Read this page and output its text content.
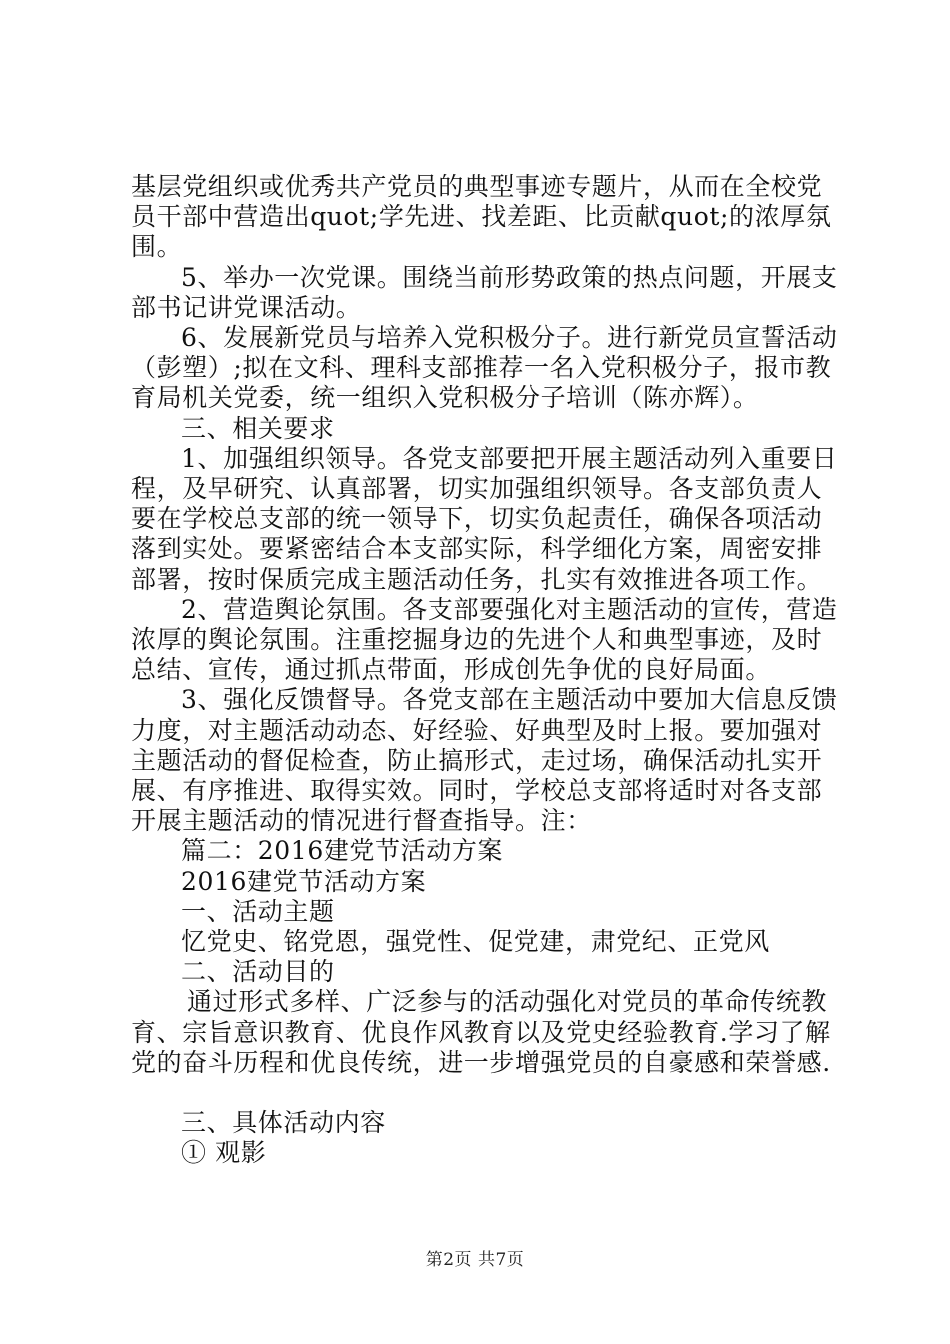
基层党组织或优秀共产党员的典型事迹专题片，从而在全校党
员干部中营造出quot;学先进、找差距、比贡献quot;的浓厚氛
围。
5、举办一次党课。围绕当前形势政策的热点问题，开展支
部书记讲党课活动。
6、发展新党员与培养入党积极分子。进行新党员宣誓活动
（彭塑）;拟在文科、理科支部推荐一名入党积极分子，报市教
育局机关党委，统一组织入党积极分子培训（陈亦辉）。
三、相关要求
1、加强组织领导。各党支部要把开展主题活动列入重要日
程，及早研究、认真部署，切实加强组织领导。各支部负责人
要在学校总支部的统一领导下，切实负起责任，确保各项活动
落到实处。要紧密结合本支部实际，科学细化方案，周密安排
部署，按时保质完成主题活动任务，扎实有效推进各项工作。
2、营造舆论氛围。各支部要强化对主题活动的宣传，营造
浓厚的舆论氛围。注重挖掘身边的先进个人和典型事迹，及时
总结、宣传，通过抓点带面，形成创先争优的良好局面。
3、强化反馈督导。各党支部在主题活动中要加大信息反馈
力度，对主题活动动态、好经验、好典型及时上报。要加强对
主题活动的督促检查，防止搞形式，走过场，确保活动扎实开
展、有序推进、取得实效。同时，学校总支部将适时对各支部
开展主题活动的情况进行督查指导。注：
篇二：2016建党节活动方案
2016建党节活动方案
一、活动主题
忆党史、铭党恩，强党性、促党建，肃党纪、正党风
二、活动目的
通过形式多样、广泛参与的活动强化对党员的革命传统教
育、宗旨意识教育、优良作风教育以及党史经验教育.学习了解
党的奋斗历程和优良传统，进一步增强党员的自豪感和荣誉感.
三、具体活动内容
① 观影
第2页 共7页
